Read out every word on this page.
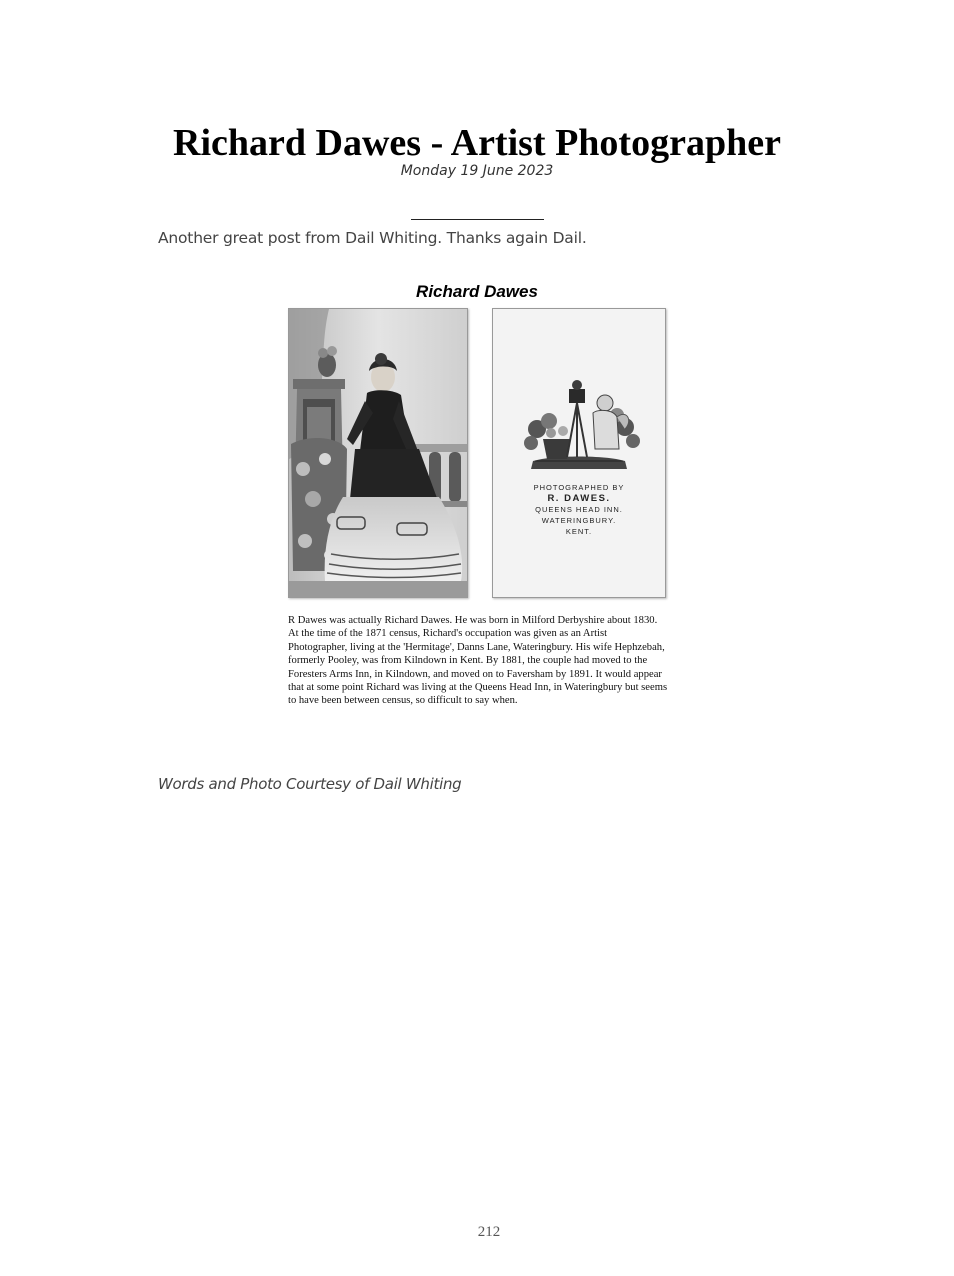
Richard Dawes - Artist Photographer
Monday 19 June 2023
Another great post from Dail Whiting. Thanks again Dail.
Richard Dawes
PHOTOGRAPHED BY
R. DAWES.
QUEENS HEAD INN.
WATERINGBURY.
KENT.
R Dawes was actually Richard Dawes. He was born in Milford Derbyshire about 1830. At the time of the 1871 census, Richard's occupation was given as an Artist Photographer, living at the 'Hermitage', Danns Lane, Wateringbury. His wife Hephzebah, formerly Pooley, was from Kilndown in Kent. By 1881, the couple had moved to the Foresters Arms Inn, in Kilndown, and moved on to Faversham by 1891. It would appear that at some point Richard was living at the Queens Head Inn, in Wateringbury but seems to have been between census, so difficult to say when.
Words and Photo Courtesy of Dail Whiting
212
